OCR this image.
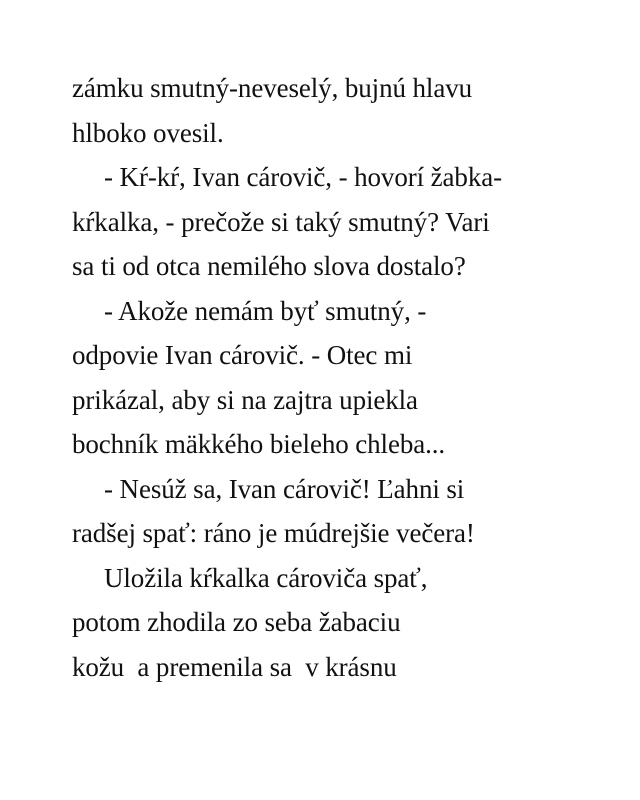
zámku smutný-neveselý, bujnú hlavu
hlboko ovesil.
- Kŕ-kŕ, Ivan cárovič, - hovorí žabka-
kŕkalka, - prečože si taký smutný? Vari
sa ti od otca nemilého slova dostalo?
- Akože nemám byť smutný, -
odpovie Ivan cárovič. - Otec mi
prikázal, aby si na zajtra upiekla
bochník mäkkého bieleho chleba...
- Nesúž sa, Ivan cárovič! Ľahni si
radšej spať: ráno je múdrejšie večera!
Uložila kŕkalka cároviča spať,
potom zhodila zo seba žabaciu
kožu  a premenila sa  v krásnu
